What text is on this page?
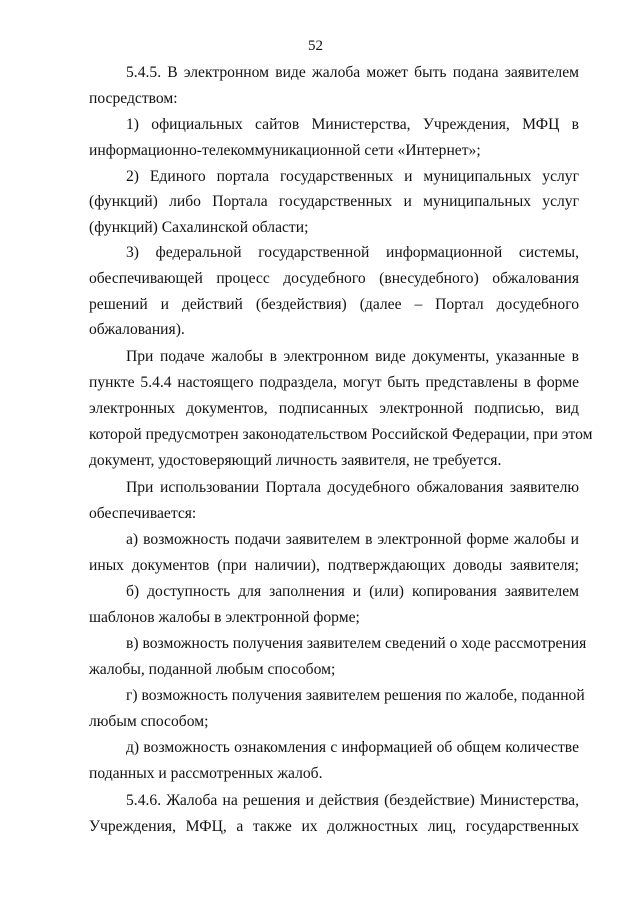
52
5.4.5. В электронном виде жалоба может быть подана заявителем
посредством:
1) официальных сайтов Министерства, Учреждения, МФЦ в
информационно-телекоммуникационной сети «Интернет»;
2) Единого портала государственных и муниципальных услуг
(функций) либо Портала государственных и муниципальных услуг
(функций) Сахалинской области;
3) федеральной государственной информационной системы,
обеспечивающей процесс досудебного (внесудебного) обжалования
решений и действий (бездействия) (далее – Портал досудебного
обжалования).
При подаче жалобы в электронном виде документы, указанные в
пункте 5.4.4 настоящего подраздела, могут быть представлены в форме
электронных документов, подписанных электронной подписью, вид
которой предусмотрен законодательством Российской Федерации, при этом
документ, удостоверяющий личность заявителя, не требуется.
При использовании Портала досудебного обжалования заявителю
обеспечивается:
а) возможность подачи заявителем в электронной форме жалобы и
иных документов (при наличии), подтверждающих доводы заявителя;
б) доступность для заполнения и (или) копирования заявителем
шаблонов жалобы в электронной форме;
в) возможность получения заявителем сведений о ходе рассмотрения
жалобы, поданной любым способом;
г) возможность получения заявителем решения по жалобе, поданной
любым способом;
д) возможность ознакомления с информацией об общем количестве
поданных и рассмотренных жалоб.
5.4.6. Жалоба на решения и действия (бездействие) Министерства,
Учреждения, МФЦ, а также их должностных лиц, государственных
